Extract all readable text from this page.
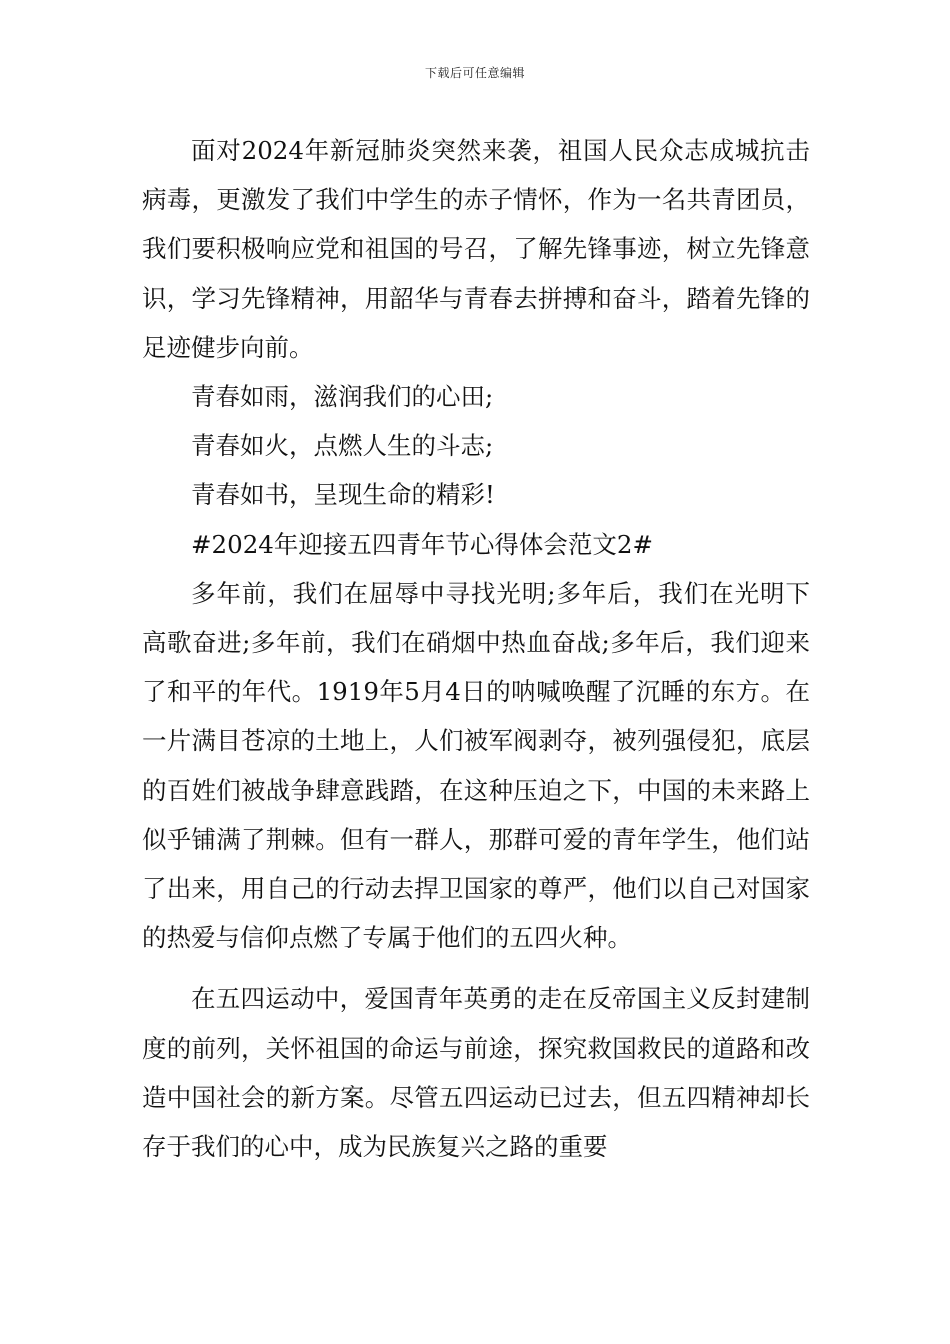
下载后可任意编辑

面对2024年新冠肺炎突然来袭，祖国人民众志成城抗击病毒，更激发了我们中学生的赤子情怀，作为一名共青团员，我们要积极响应党和祖国的号召，了解先锋事迹，树立先锋意识，学习先锋精神，用韶华与青春去拼搏和奋斗，踏着先锋的足迹健步向前。

青春如雨，滋润我们的心田;

青春如火，点燃人生的斗志;

青春如书，呈现生命的精彩!

#2024年迎接五四青年节心得体会范文2#

多年前，我们在屈辱中寻找光明;多年后，我们在光明下高歌奋进;多年前，我们在硝烟中热血奋战;多年后，我们迎来了和平的年代。1919年5月4日的呐喊唤醒了沉睡的东方。在一片满目苍凉的土地上，人们被军阀剥夺，被列强侵犯，底层的百姓们被战争肆意践踏，在这种压迫之下，中国的未来路上似乎铺满了荆棘。但有一群人，那群可爱的青年学生，他们站了出来，用自己的行动去捍卫国家的尊严，他们以自己对国家的热爱与信仰点燃了专属于他们的五四火种。

在五四运动中，爱国青年英勇的走在反帝国主义反封建制度的前列，关怀祖国的命运与前途，探究救国救民的道路和改造中国社会的新方案。尽管五四运动已过去，但五四精神却长存于我们的心中，成为民族复兴之路的重要
